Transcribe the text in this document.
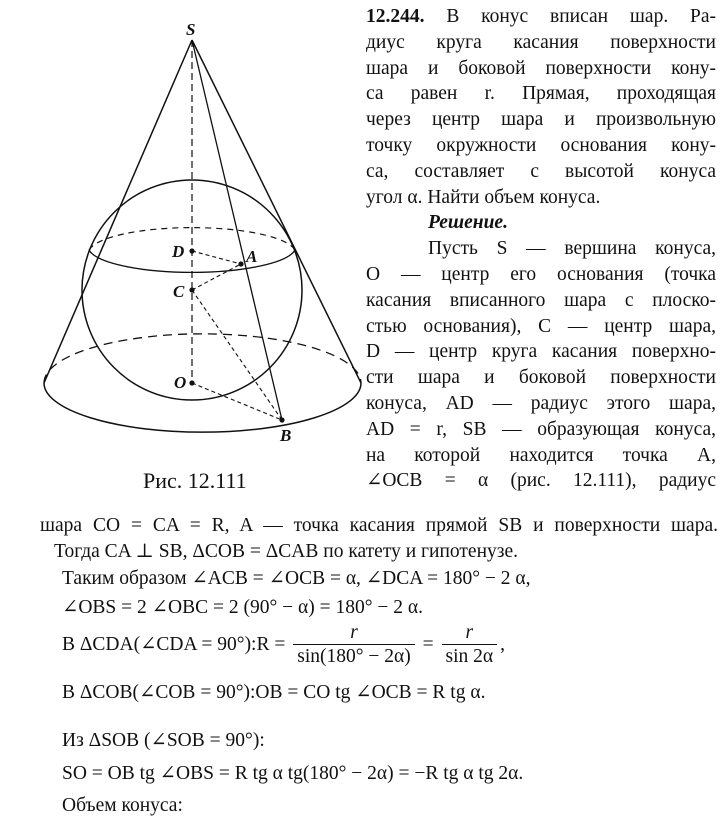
S
D	A
C
O
B
Рис. 12.111
12.244. В конус вписан шар. Ра-
диус круга касания поверхности
шара и боковой поверхности кону-
са равен r. Прямая, проходящая
через центр шара и произвольную
точку окружности основания кону-
са, составляет с высотой конуса
угол α. Найти объем конуса.
Решение.
Пусть S — вершина конуса,
O — центр его основания (точка
касания вписанного шара с плоско-
стью основания), C — центр шара,
D — центр круга касания поверхно-
сти шара и боковой поверхности
конуса, AD — радиус этого шара,
AD = r, SB — образующая конуса,
на которой находится точка A,
∠OCB = α (рис. 12.111), радиус
шара CO = CA = R, A — точка касания прямой SB и поверхности шара.
Тогда CA ⊥ SB, ΔCOB = ΔCAB по катету и гипотенузе.
Таким образом ∠ACB = ∠OCB = α, ∠DCA = 180° − 2 α,
∠OBS = 2 ∠OBC = 2 (90° − α) = 180° − 2 α.
В ΔCDA(∠CDA = 90°):R = $\frac{r}{\sin(180^\circ - 2\alpha)} = \frac{r}{\sin 2\alpha}$ ,
В ΔCOB(∠COB = 90°):OB = CO tg ∠OCB = R tg α.
Из ΔSOB (∠SOB = 90°):
SO = OB tg ∠OBS = R tg α tg(180° − 2α) = −R tg α tg 2α.
Объем конуса:
